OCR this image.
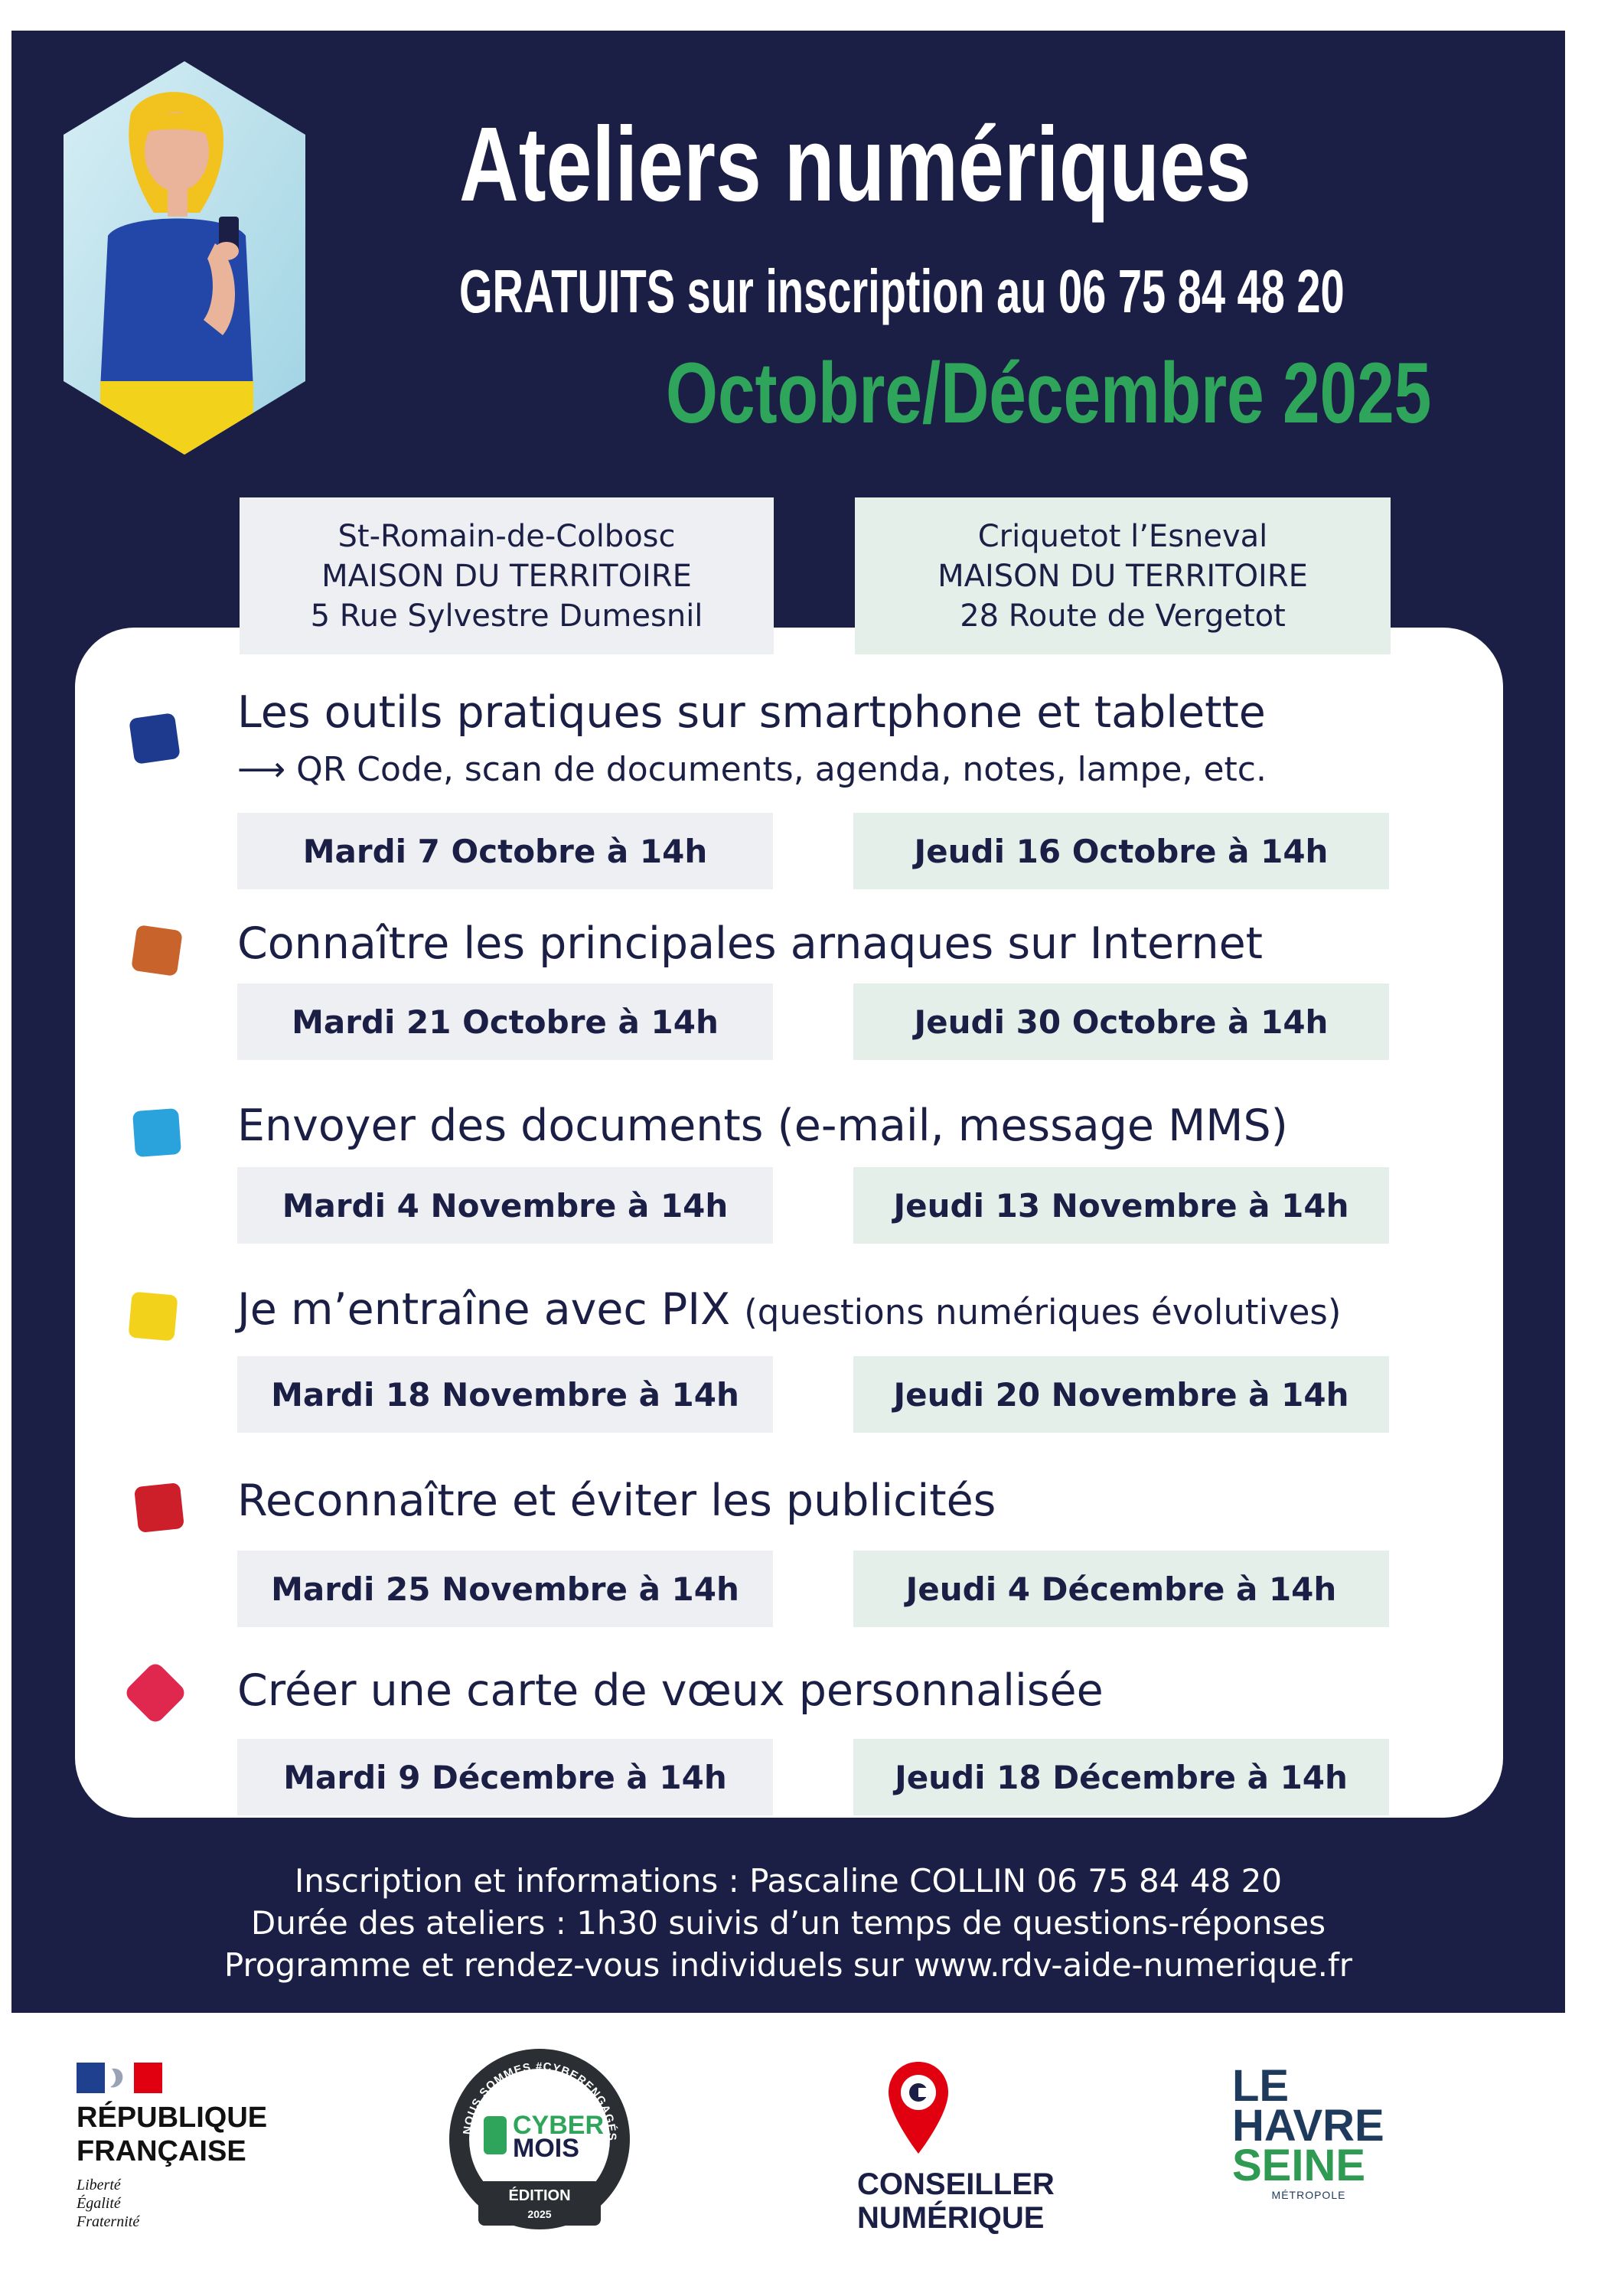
Ateliers numériques
GRATUITS sur inscription au 06 75 84 48 20
Octobre/Décembre 2025
St-Romain-de-Colbosc
MAISON DU TERRITOIRE
5 Rue Sylvestre Dumesnil
Criquetot l’Esneval
MAISON DU TERRITOIRE
28 Route de Vergetot
Les outils pratiques sur smartphone et tablette
⟶ QR Code, scan de documents, agenda, notes, lampe, etc.
Mardi 7 Octobre à 14h	Jeudi 16 Octobre à 14h
Connaître les principales arnaques sur Internet
Mardi 21 Octobre à 14h	Jeudi 30 Octobre à 14h
Envoyer des documents (e-mail, message MMS)
Mardi 4 Novembre à 14h	Jeudi 13 Novembre à 14h
Je m’entraîne avec PIX (questions numériques évolutives)
Mardi 18 Novembre à 14h	Jeudi 20 Novembre à 14h
Reconnaître et éviter les publicités
Mardi 25 Novembre à 14h	Jeudi 4 Décembre à 14h
Créer une carte de vœux personnalisée
Mardi 9 Décembre à 14h	Jeudi 18 Décembre à 14h
Inscription et informations : Pascaline COLLIN 06 75 84 48 20
Durée des ateliers : 1h30 suivis d’un temps de questions-réponses
Programme et rendez-vous individuels sur www.rdv-aide-numerique.fr
RÉPUBLIQUE
FRANÇAISE
Liberté
Égalité
Fraternité
NOUS SOMMES #CYBERENGAGÉS
CYBER
MOIS
ÉDITION
2025
CONSEILLER
NUMÉRIQUE
LE
HAVRE
SEINE
MÉTROPOLE
